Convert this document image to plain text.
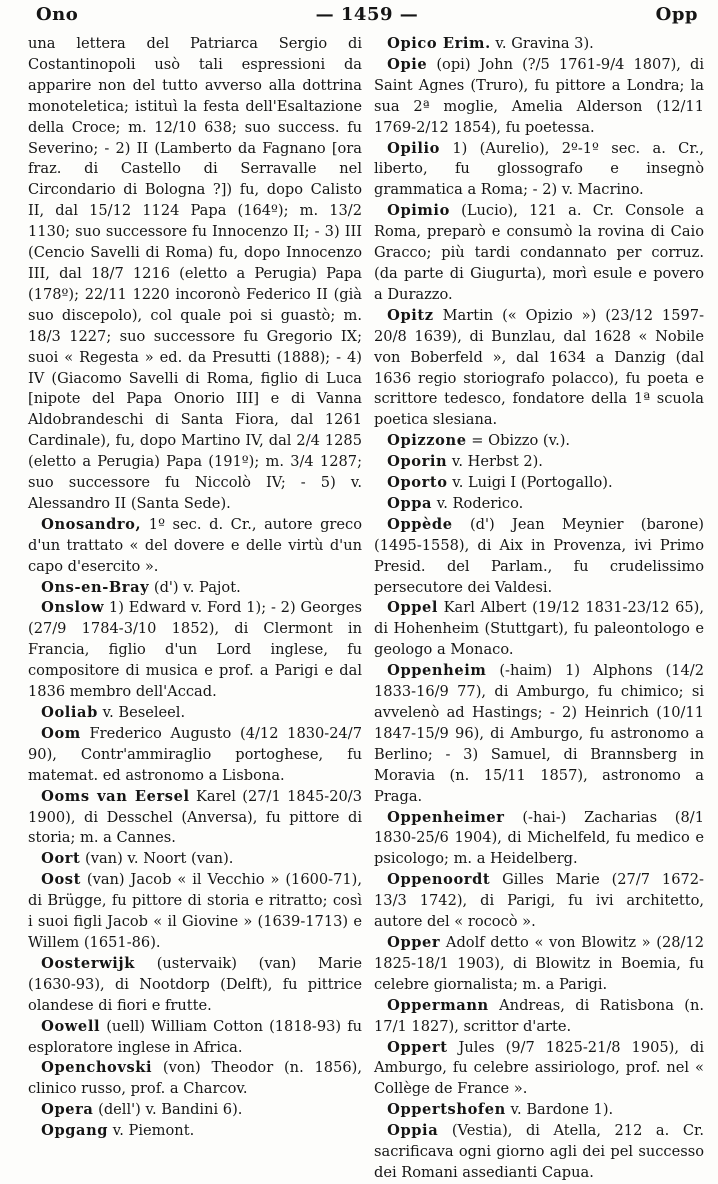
Ono	— 1459 —	Opp

una lettera del Patriarca Sergio di Costantinopoli usò tali espressioni da apparire non del tutto avverso alla dottrina monoteletica; istituì la festa dell'Esaltazione della Croce; m. 12/10 638; suo success. fu Severino; - 2) II (Lamberto da Fagnano [ora fraz. di Castello di Serravalle nel Circondario di Bologna ?]) fu, dopo Calisto II, dal 15/12 1124 Papa (164º); m. 13/2 1130; suo successore fu Innocenzo II; - 3) III (Cencio Savelli di Roma) fu, dopo Innocenzo III, dal 18/7 1216 (eletto a Perugia) Papa (178º); 22/11 1220 incoronò Federico II (già suo discepolo), col quale poi si guastò; m. 18/3 1227; suo successore fu Gregorio IX; suoi « Regesta » ed. da Presutti (1888); - 4) IV (Giacomo Savelli di Roma, figlio di Luca [nipote del Papa Onorio III] e di Vanna Aldobrandeschi di Santa Fiora, dal 1261 Cardinale), fu, dopo Martino IV, dal 2/4 1285 (eletto a Perugia) Papa (191º); m. 3/4 1287; suo successore fu Niccolò IV; - 5) v. Alessandro II (Santa Sede).

Onosandro, 1º sec. d. Cr., autore greco d'un trattato « del dovere e delle virtù d'un capo d'esercito ».

Ons-en-Bray (d') v. Pajot.

Onslow 1) Edward v. Ford 1); - 2) Georges (27/9 1784-3/10 1852), di Clermont in Francia, figlio d'un Lord inglese, fu compositore di musica e prof. a Parigi e dal 1836 membro dell'Accad.

Ooliab v. Beseleel.

Oom Frederico Augusto (4/12 1830-24/7 90), Contr'ammiraglio portoghese, fu matemat. ed astronomo a Lisbona.

Ooms van Eersel Karel (27/1 1845-20/3 1900), di Desschel (Anversa), fu pittore di storia; m. a Cannes.

Oort (van) v. Noort (van).

Oost (van) Jacob « il Vecchio » (1600-71), di Brügge, fu pittore di storia e ritratto; così i suoi figli Jacob « il Giovine » (1639-1713) e Willem (1651-86).

Oosterwijk (ustervaik) (van) Marie (1630-93), di Nootdorp (Delft), fu pittrice olandese di fiori e frutte.

Oowell (uell) William Cotton (1818-93) fu esploratore inglese in Africa.

Openchovski (von) Theodor (n. 1856), clinico russo, prof. a Charcov.

Opera (dell') v. Bandini 6).

Opgang v. Piemont.

Opico Erim. v. Gravina 3).

Opie (opi) John (?/5 1761-9/4 1807), di Saint Agnes (Truro), fu pittore a Londra; la sua 2ª moglie, Amelia Alderson (12/11 1769-2/12 1854), fu poetessa.

Opilio 1) (Aurelio), 2º-1º sec. a. Cr., liberto, fu glossografo e insegnò grammatica a Roma; - 2) v. Macrino.

Opimio (Lucio), 121 a. Cr. Console a Roma, preparò e consumò la rovina di Caio Gracco; più tardi condannato per corruz. (da parte di Giugurta), morì esule e povero a Durazzo.

Opitz Martin (« Opizio ») (23/12 1597-20/8 1639), di Bunzlau, dal 1628 « Nobile von Boberfeld », dal 1634 a Danzig (dal 1636 regio storiografo polacco), fu poeta e scrittore tedesco, fondatore della 1ª scuola poetica slesiana.

Opizzone = Obizzo (v.).

Oporin v. Herbst 2).

Oporto v. Luigi I (Portogallo).

Oppa v. Roderico.

Oppède (d') Jean Meynier (barone) (1495-1558), di Aix in Provenza, ivi Primo Presid. del Parlam., fu crudelissimo persecutore dei Valdesi.

Oppel Karl Albert (19/12 1831-23/12 65), di Hohenheim (Stuttgart), fu paleontologo e geologo a Monaco.

Oppenheim (-haim) 1) Alphons (14/2 1833-16/9 77), di Amburgo, fu chimico; si avvelenò ad Hastings; - 2) Heinrich (10/11 1847-15/9 96), di Amburgo, fu astronomo a Berlino; - 3) Samuel, di Brannsberg in Moravia (n. 15/11 1857), astronomo a Praga.

Oppenheimer (-hai-) Zacharias (8/1 1830-25/6 1904), di Michelfeld, fu medico e psicologo; m. a Heidelberg.

Oppenoordt Gilles Marie (27/7 1672-13/3 1742), di Parigi, fu ivi architetto, autore del « rococò ».

Opper Adolf detto « von Blowitz » (28/12 1825-18/1 1903), di Blowitz in Boemia, fu celebre giornalista; m. a Parigi.

Oppermann Andreas, di Ratisbona (n. 17/1 1827), scrittor d'arte.

Oppert Jules (9/7 1825-21/8 1905), di Amburgo, fu celebre assiriologo, prof. nel « Collège de France ».

Oppertshofen v. Bardone 1).

Oppia (Vestia), di Atella, 212 a. Cr. sacrificava ogni giorno agli dei pel successo dei Romani assedianti Capua.
